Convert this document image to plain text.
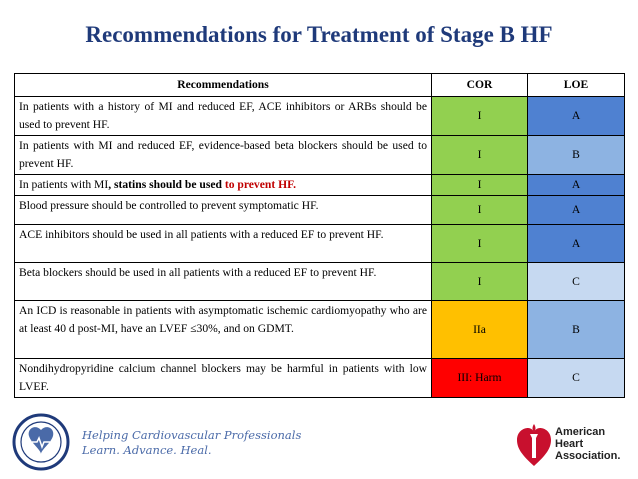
Recommendations for Treatment of Stage B HF
Recommendations	COR	LOE
In patients with a history of MI and reduced EF, ACE inhibitors or ARBs should be used to prevent HF.	I	A
In patients with MI and reduced EF, evidence-based beta blockers should be used to prevent HF.	I	B
In patients with MI, statins should be used to prevent HF.	I	A
Blood pressure should be controlled to prevent symptomatic HF.	I	A
ACE inhibitors should be used in all patients with a reduced EF to prevent HF.	I	A
Beta blockers should be used in all patients with a reduced EF to prevent HF.	I	C
An ICD is reasonable in patients with asymptomatic ischemic cardiomyopathy who are at least 40 d post-MI, have an LVEF ≤30%, and on GDMT.	IIa	B
Nondihydropyridine calcium channel blockers may be harmful in patients with low LVEF.	III: Harm	C
Helping Cardiovascular Professionals
Learn. Advance. Heal.
American
Heart
Association.
